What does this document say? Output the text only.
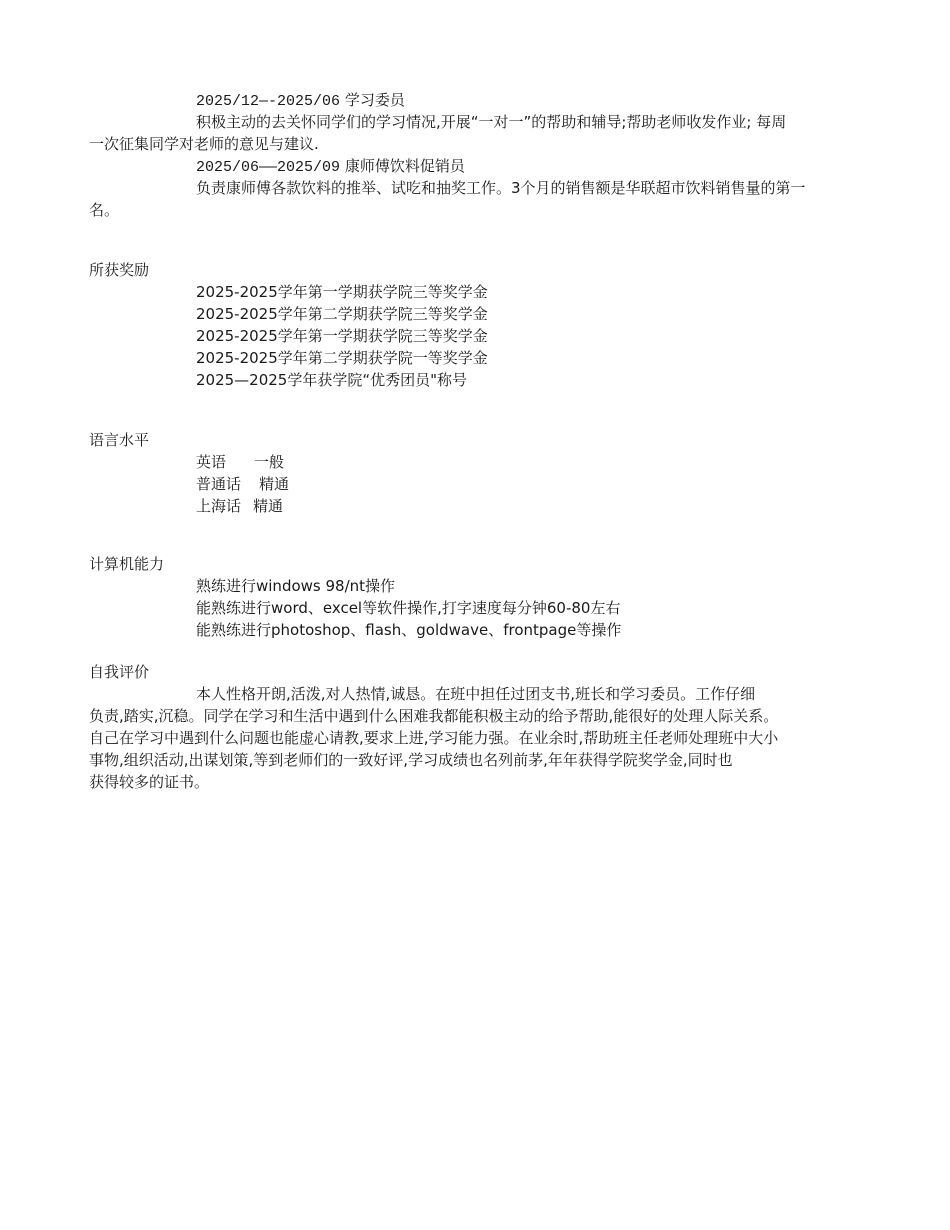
2025/12—-2025/06 学习委员
积极主动的去关怀同学们的学习情况,开展“一对一”的帮助和辅导;帮助老师收发作业; 每周
一次征集同学对老师的意见与建议.
2025/06——2025/09 康师傅饮料促销员
负责康师傅各款饮料的推举、试吃和抽奖工作。3个月的销售额是华联超市饮料销售量的第一
名。
所获奖励
2025-2025学年第一学期获学院三等奖学金
2025-2025学年第二学期获学院三等奖学金
2025-2025学年第一学期获学院三等奖学金
2025-2025学年第二学期获学院一等奖学金
2025—2025学年获学院“优秀团员"称号
语言水平
英语 一般
普通话 精通
上海话 精通
计算机能力
熟练进行windows 98/nt操作
能熟练进行word、excel等软件操作,打字速度每分钟60-80左右
能熟练进行photoshop、flash、goldwave、frontpage等操作
自我评价
本人性格开朗,活泼,对人热情,诚恳。在班中担任过团支书,班长和学习委员。工作仔细
负责,踏实,沉稳。同学在学习和生活中遇到什么困难我都能积极主动的给予帮助,能很好的处理人际关系。
自己在学习中遇到什么问题也能虚心请教,要求上进,学习能力强。在业余时,帮助班主任老师处理班中大小
事物,组织活动,出谋划策,等到老师们的一致好评,学习成绩也名列前茅,年年获得学院奖学金,同时也
获得较多的证书。
